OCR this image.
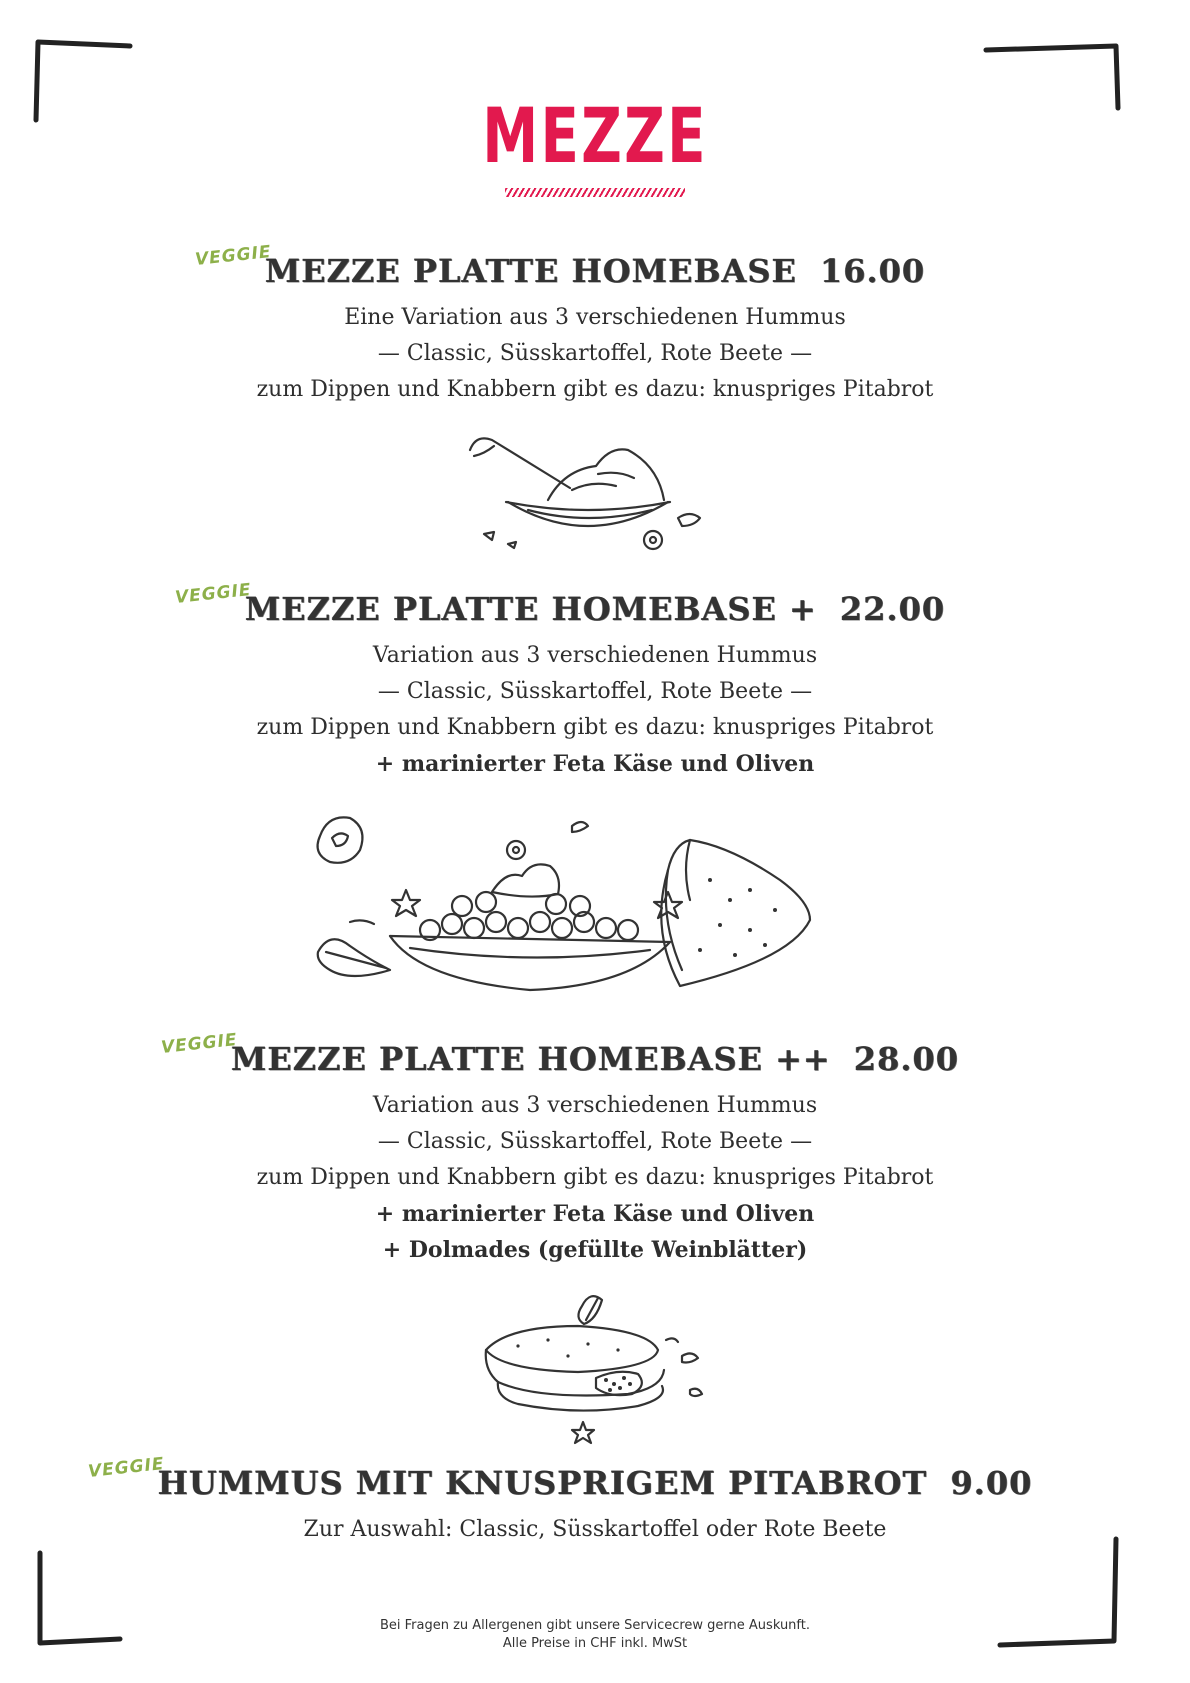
MEZZE
VEGGIE
MEZZE PLATTE HOMEBASE 16.00
Eine Variation aus 3 verschiedenen Hummus
— Classic, Süsskartoffel, Rote Beete —
zum Dippen und Knabbern gibt es dazu: knuspriges Pitabrot
VEGGIE
MEZZE PLATTE HOMEBASE + 22.00
Variation aus 3 verschiedenen Hummus
— Classic, Süsskartoffel, Rote Beete —
zum Dippen und Knabbern gibt es dazu: knuspriges Pitabrot
+ marinierter Feta Käse und Oliven
VEGGIE
MEZZE PLATTE HOMEBASE ++ 28.00
Variation aus 3 verschiedenen Hummus
— Classic, Süsskartoffel, Rote Beete —
zum Dippen und Knabbern gibt es dazu: knuspriges Pitabrot
+ marinierter Feta Käse und Oliven
+ Dolmades (gefüllte Weinblätter)
VEGGIE
HUMMUS MIT KNUSPRIGEM PITABROT 9.00
Zur Auswahl: Classic, Süsskartoffel oder Rote Beete
Bei Fragen zu Allergenen gibt unsere Servicecrew gerne Auskunft.
Alle Preise in CHF inkl. MwSt
